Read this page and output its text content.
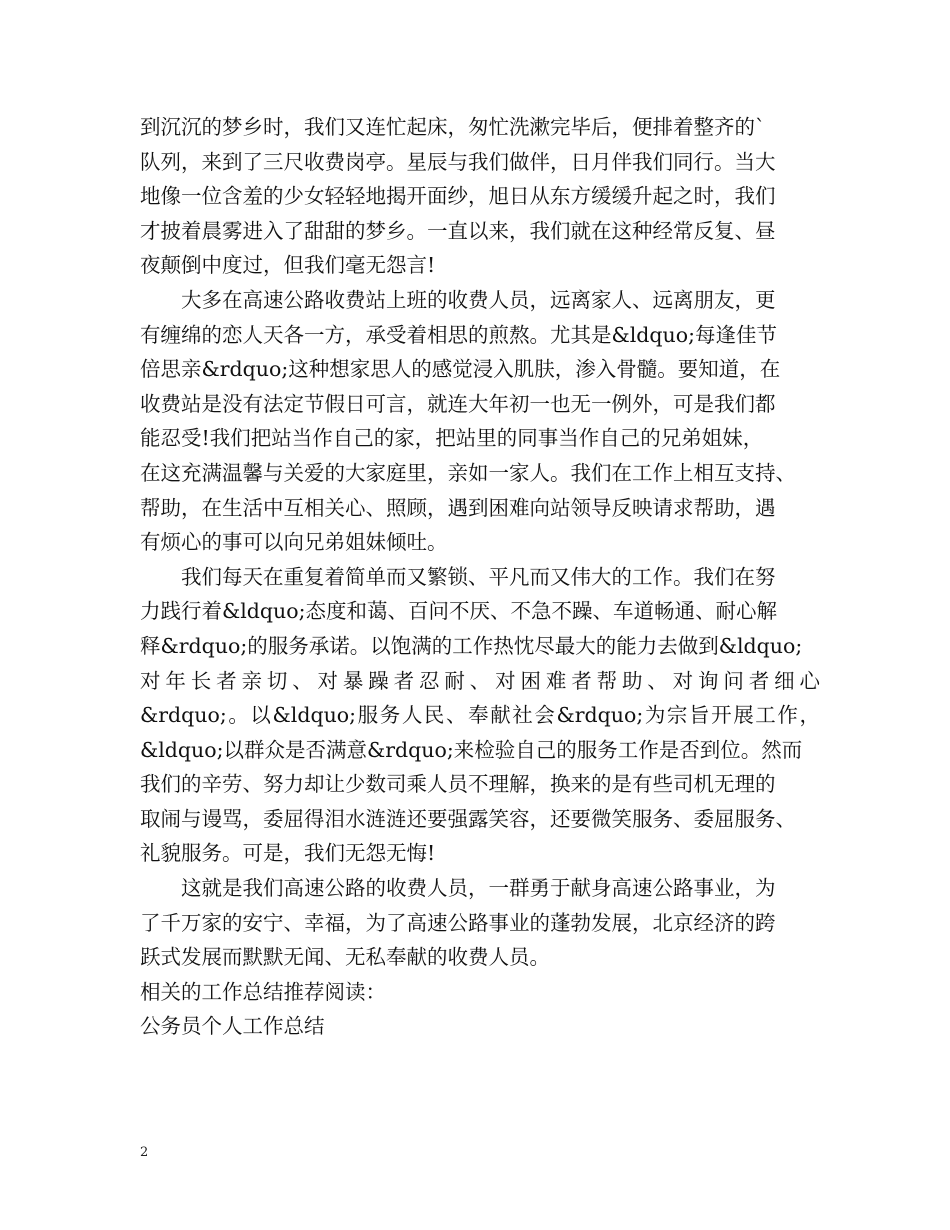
到沉沉的梦乡时，我们又连忙起床，匆忙洗漱完毕后，便排着整齐的`
队列，来到了三尺收费岗亭。星辰与我们做伴，日月伴我们同行。当大
地像一位含羞的少女轻轻地揭开面纱，旭日从东方缓缓升起之时，我们
才披着晨雾进入了甜甜的梦乡。一直以来，我们就在这种经常反复、昼
夜颠倒中度过，但我们毫无怨言!
大多在高速公路收费站上班的收费人员，远离家人、远离朋友，更
有缠绵的恋人天各一方，承受着相思的煎熬。尤其是&ldquo;每逢佳节
倍思亲&rdquo;这种想家思人的感觉浸入肌肤，渗入骨髓。要知道，在
收费站是没有法定节假日可言，就连大年初一也无一例外，可是我们都
能忍受!我们把站当作自己的家，把站里的同事当作自己的兄弟姐妹，
在这充满温馨与关爱的大家庭里，亲如一家人。我们在工作上相互支持、
帮助，在生活中互相关心、照顾，遇到困难向站领导反映请求帮助，遇
有烦心的事可以向兄弟姐妹倾吐。
我们每天在重复着简单而又繁锁、平凡而又伟大的工作。我们在努
力践行着&ldquo;态度和蔼、百问不厌、不急不躁、车道畅通、耐心解
释&rdquo;的服务承诺。以饱满的工作热忱尽最大的能力去做到&ldquo;
对年长者亲切、对暴躁者忍耐、对困难者帮助、对询问者细心
&rdquo;。以&ldquo;服务人民、奉献社会&rdquo;为宗旨开展工作，
&ldquo;以群众是否满意&rdquo;来检验自己的服务工作是否到位。然而
我们的辛劳、努力却让少数司乘人员不理解，换来的是有些司机无理的
取闹与谩骂，委屈得泪水涟涟还要强露笑容，还要微笑服务、委屈服务、
礼貌服务。可是，我们无怨无悔!
这就是我们高速公路的收费人员，一群勇于献身高速公路事业，为
了千万家的安宁、幸福，为了高速公路事业的蓬勃发展，北京经济的跨
跃式发展而默默无闻、无私奉献的收费人员。
相关的工作总结推荐阅读：
公务员个人工作总结
2
